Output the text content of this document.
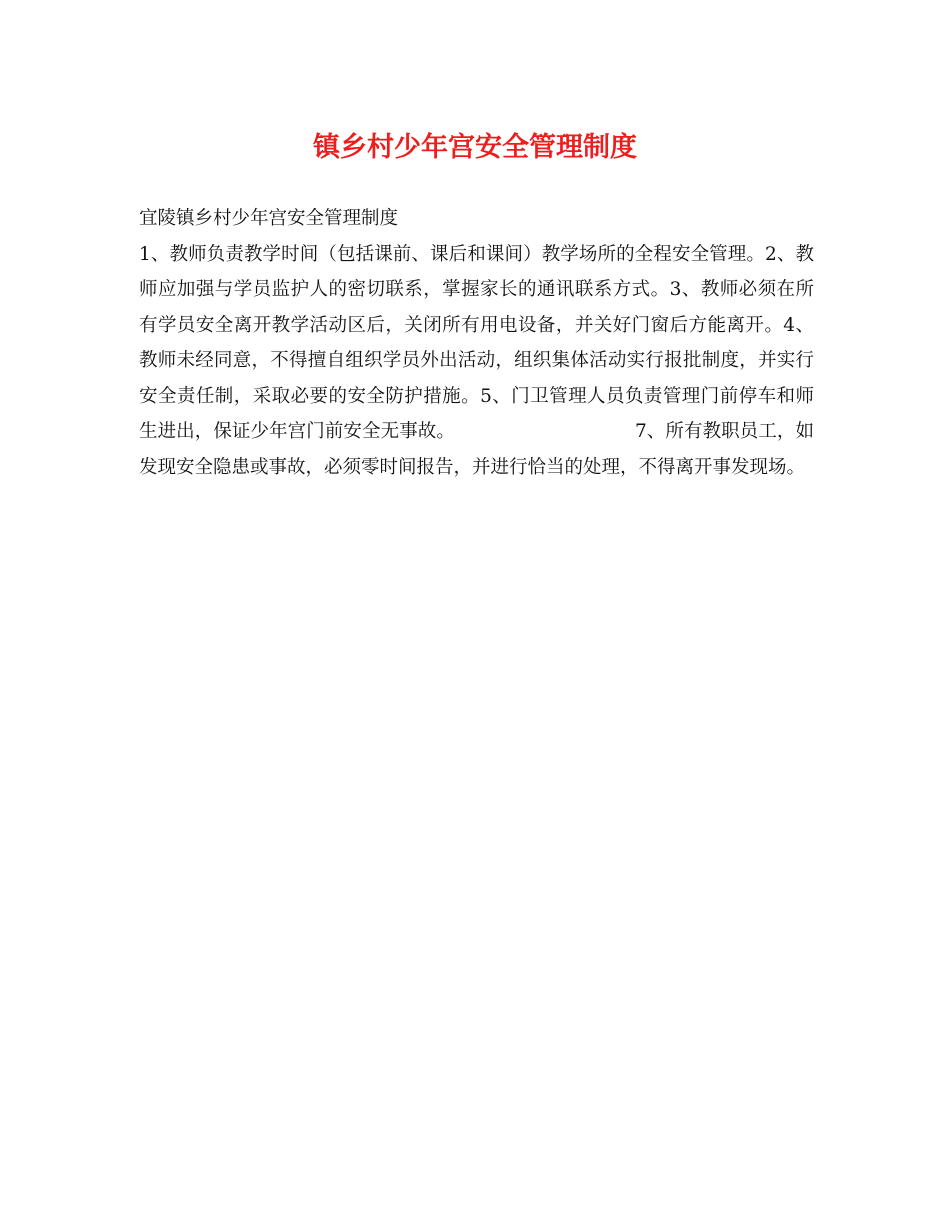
镇乡村少年宫安全管理制度
宜陵镇乡村少年宫安全管理制度

1、教师负责教学时间（包括课前、课后和课间）教学场所的全程安全管理。2、教师应加强与学员监护人的密切联系，掌握家长的通讯联系方式。3、教师必须在所有学员安全离开教学活动区后，关闭所有用电设备，并关好门窗后方能离开。4、教师未经同意，不得擅自组织学员外出活动，组织集体活动实行报批制度，并实行安全责任制，采取必要的安全防护措施。5、门卫管理人员负责管理门前停车和师生进出，保证少年宫门前安全无事故。	7、所有教职员工，如发现安全隐患或事故，必须零时间报告，并进行恰当的处理，不得离开事发现场。
